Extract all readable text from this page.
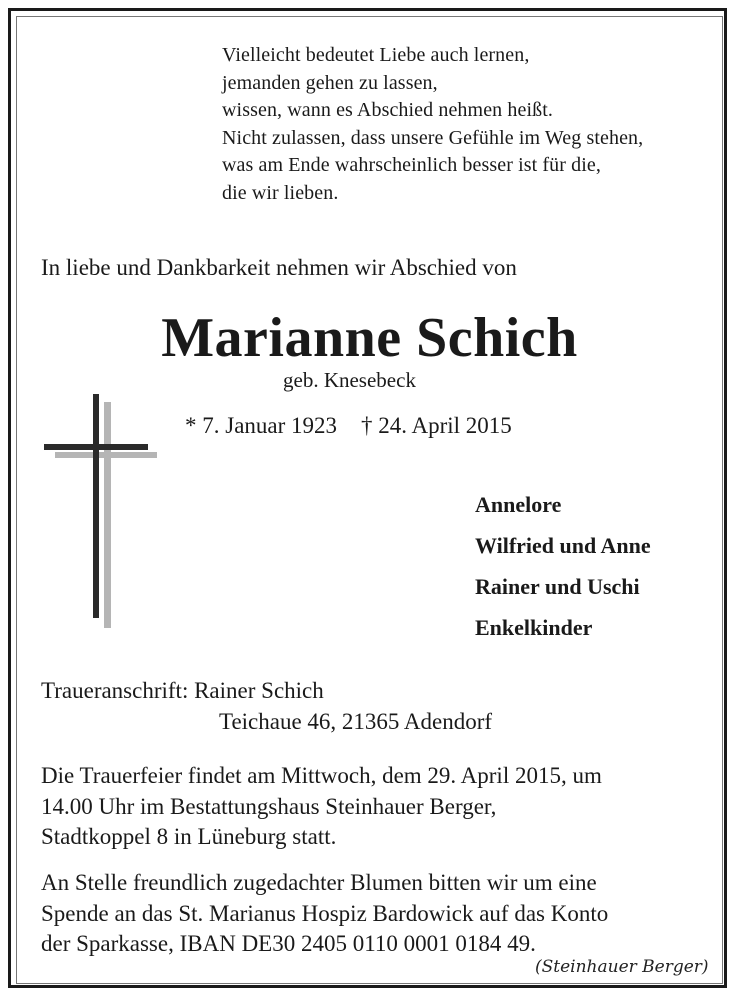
Vielleicht bedeutet Liebe auch lernen,
jemanden gehen zu lassen,
wissen, wann es Abschied nehmen heißt.
Nicht zulassen, dass unsere Gefühle im Weg stehen,
was am Ende wahrscheinlich besser ist für die,
die wir lieben.
In liebe und Dankbarkeit nehmen wir Abschied von
Marianne Schich
geb. Knesebeck
* 7. Januar 1923 † 24. April 2015
Annelore
Wilfried und Anne
Rainer und Uschi
Enkelkinder
Traueranschrift: Rainer Schich
Teichaue 46, 21365 Adendorf
Die Trauerfeier findet am Mittwoch, dem 29. April 2015, um
14.00 Uhr im Bestattungshaus Steinhauer Berger,
Stadtkoppel 8 in Lüneburg statt.
An Stelle freundlich zugedachter Blumen bitten wir um eine
Spende an das St. Marianus Hospiz Bardowick auf das Konto
der Sparkasse, IBAN DE30 2405 0110 0001 0184 49.
(Steinhauer Berger)
